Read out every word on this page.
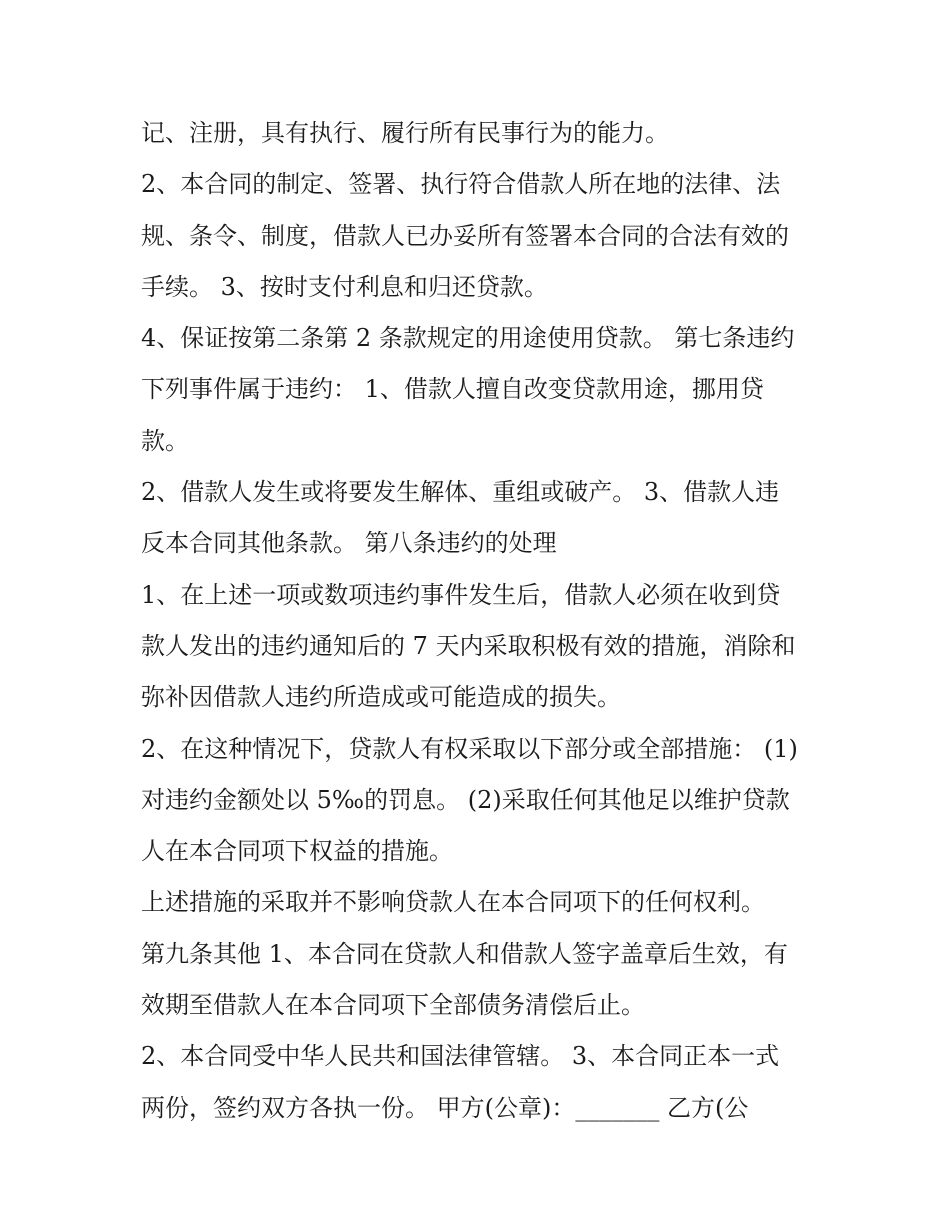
记、注册，具有执行、履行所有民事行为的能力。
2、本合同的制定、签署、执行符合借款人所在地的法律、法
规、条令、制度，借款人已办妥所有签署本合同的合法有效的
手续。 3、按时支付利息和归还贷款。
4、保证按第二条第 2 条款规定的用途使用贷款。 第七条违约
下列事件属于违约： 1、借款人擅自改变贷款用途，挪用贷
款。
2、借款人发生或将要发生解体、重组或破产。 3、借款人违
反本合同其他条款。 第八条违约的处理
1、在上述一项或数项违约事件发生后，借款人必须在收到贷
款人发出的违约通知后的 7 天内采取积极有效的措施，消除和
弥补因借款人违约所造成或可能造成的损失。
2、在这种情况下，贷款人有权采取以下部分或全部措施： (1)
对违约金额处以 5‰的罚息。 (2)采取任何其他足以维护贷款
人在本合同项下权益的措施。
上述措施的采取并不影响贷款人在本合同项下的任何权利。
第九条其他 1、本合同在贷款人和借款人签字盖章后生效，有
效期至借款人在本合同项下全部债务清偿后止。
2、本合同受中华人民共和国法律管辖。 3、本合同正本一式
两份，签约双方各执一份。 甲方(公章)：_______ 乙方(公
